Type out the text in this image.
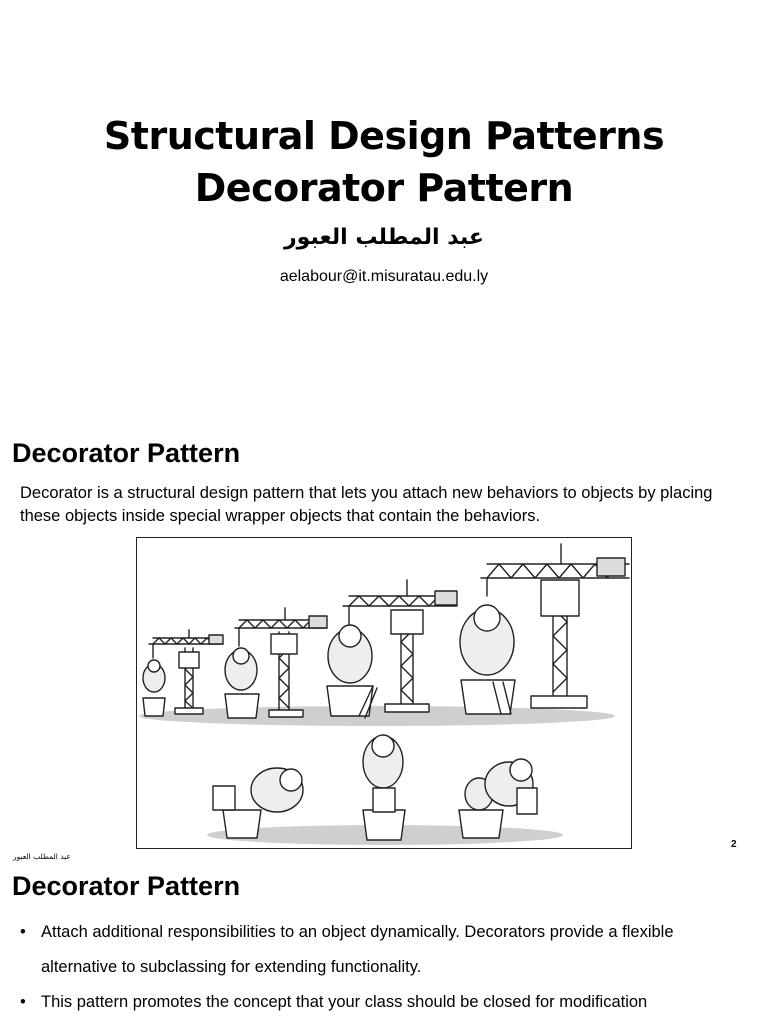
Structural Design Patterns
Decorator Pattern
عبد المطلب العبور
aelabour@it.misuratau.edu.ly
Decorator Pattern
Decorator is a structural design pattern that lets you attach new behaviors to objects by placing these objects inside special wrapper objects that contain the behaviors.
عبد المطلب العبور
2
Decorator Pattern
• Attach additional responsibilities to an object dynamically. Decorators provide a flexible alternative to subclassing for extending functionality.
• This pattern promotes the concept that your class should be closed for modification
